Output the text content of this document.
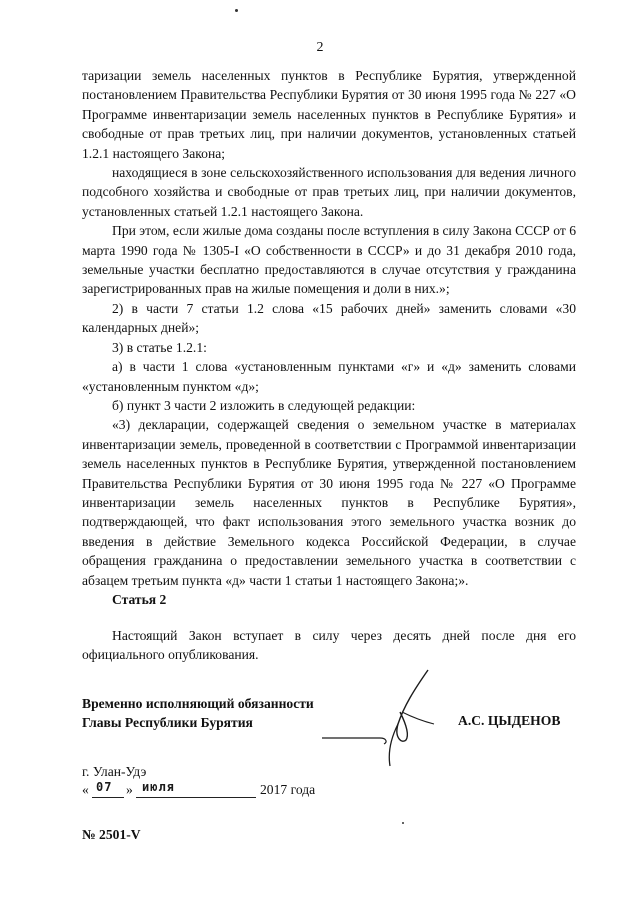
2

таризации земель населенных пунктов в Республике Бурятия, утвержденной постановлением Правительства Республики Бурятия от 30 июня 1995 года № 227 «О Программе инвентаризации земель населенных пунктов в Республике Бурятия» и свободные от прав третьих лиц, при наличии документов, установленных статьей 1.2.1 настоящего Закона;

находящиеся в зоне сельскохозяйственного использования для ведения личного подсобного хозяйства и свободные от прав третьих лиц, при наличии документов, установленных статьей 1.2.1 настоящего Закона.

При этом, если жилые дома созданы после вступления в силу Закона СССР от 6 марта 1990 года № 1305-I «О собственности в СССР» и до 31 декабря 2010 года, земельные участки бесплатно предоставляются в случае отсутствия у гражданина зарегистрированных прав на жилые помещения и доли в них.»;

2) в части 7 статьи 1.2 слова «15 рабочих дней» заменить словами «30 календарных дней»;

3) в статье 1.2.1:

а) в части 1 слова «установленным пунктами «г» и «д» заменить словами «установленным пунктом «д»;

б) пункт 3 части 2 изложить в следующей редакции:

«3) декларации, содержащей сведения о земельном участке в материалах инвентаризации земель, проведенной в соответствии с Программой инвентаризации земель населенных пунктов в Республике Бурятия, утвержденной постановлением Правительства Республики Бурятия от 30 июня 1995 года № 227 «О Программе инвентаризации земель населенных пунктов в Республике Бурятия», подтверждающей, что факт использования этого земельного участка возник до введения в действие Земельного кодекса Российской Федерации, в случае обращения гражданина о предоставлении земельного участка в соответствии с абзацем третьим пункта «д» части 1 статьи 1 настоящего Закона;».

Статья 2

Настоящий Закон вступает в силу через десять дней после дня его официального опубликования.

Временно исполняющий обязанности
Главы Республики Бурятия	А.С. ЦЫДЕНОВ
г. Улан-Удэ
« 07 » июля	2017 года
№ 2501-V
